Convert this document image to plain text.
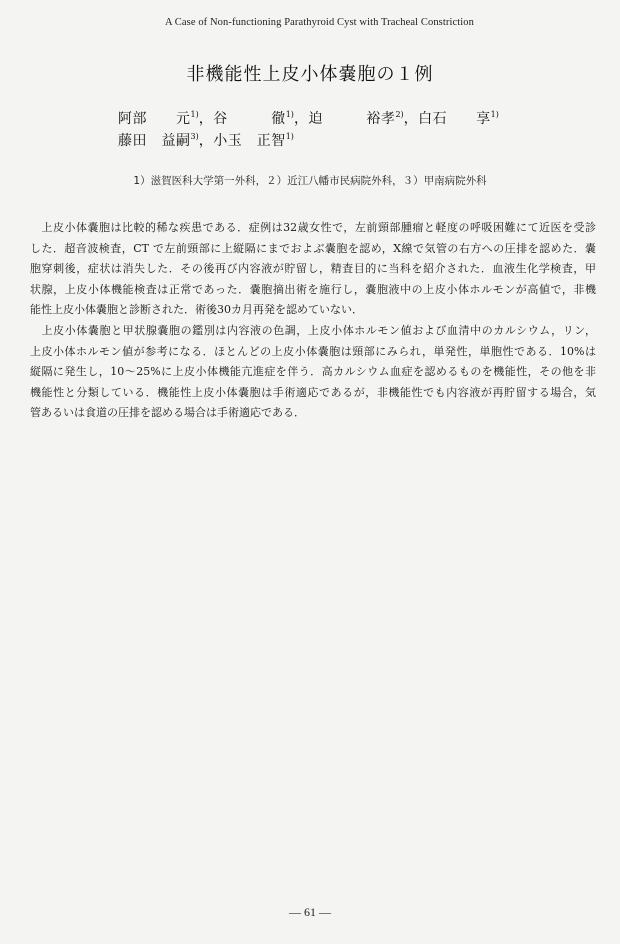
A Case of Non-functioning Parathyroid Cyst with Tracheal Constriction
非機能性上皮小体嚢胞の１例
阿部　　元$^{1)}$，谷　　　徹$^{1)}$，迫　　　裕孝$^{2)}$，白石　　享$^{1)}$
藤田　益嗣$^{3)}$，小玉　正智$^{1)}$
1）滋賀医科大学第一外科，２）近江八幡市民病院外科，３）甲南病院外科
　上皮小体嚢胞は比較的稀な疾患である．症例は32歳女性で，左前頸部腫瘤と軽度の呼吸困難にて近医を受診
した．超音波検査，CT で左前頸部に上縦隔にまでおよぶ嚢胞を認め，X線で気管の右方への圧排を認めた．嚢
胞穿刺後，症状は消失した．その後再び内容液が貯留し，精査目的に当科を紹介された．血液生化学検査，甲
状腺，上皮小体機能検査は正常であった．嚢胞摘出術を施行し，嚢胞液中の上皮小体ホルモンが高値で，非機
能性上皮小体嚢胞と診断された．術後30カ月再発を認めていない．
　上皮小体嚢胞と甲状腺嚢胞の鑑別は内容液の色調，上皮小体ホルモン値および血清中のカルシウム，リン，
上皮小体ホルモン値が参考になる．ほとんどの上皮小体嚢胞は頸部にみられ，単発性，単胞性である．10%は
縦隔に発生し，10〜25%に上皮小体機能亢進症を伴う．高カルシウム血症を認めるものを機能性，その他を非
機能性と分類している．機能性上皮小体嚢胞は手術適応であるが，非機能性でも内容液が再貯留する場合，気
管あるいは食道の圧排を認める場合は手術適応である．
— 61 —
